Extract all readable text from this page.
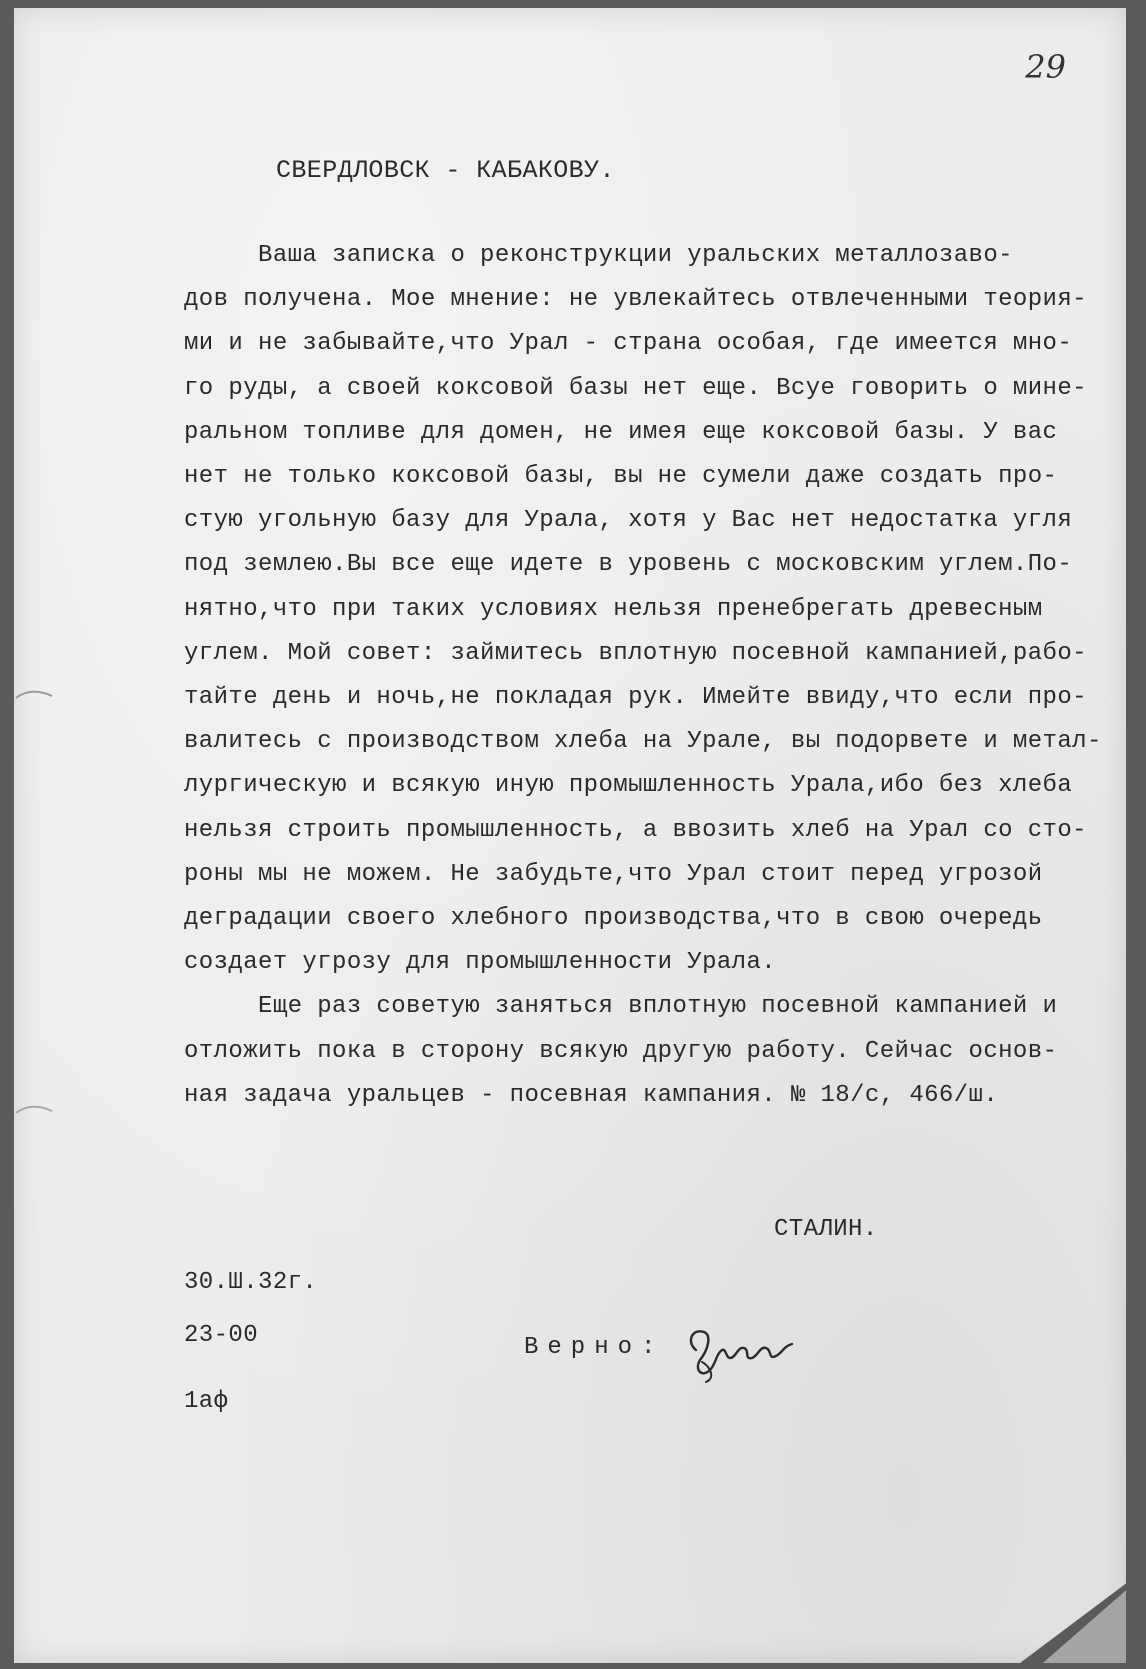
29

СВЕРДЛОВСК - КАБАКОВУ.

Ваша записка о реконструкции уральских металлозаво-

дов получена. Мое мнение: не увлекайтесь отвлеченными теория-

ми и не забывайте,что Урал - страна особая, где имеется мно-

го руды, а своей коксовой базы нет еще. Всуе говорить о мине-

ральном топливе для домен, не имея еще коксовой базы. У вас

нет не только коксовой базы, вы не сумели даже создать про-

стую угольную базу для Урала, хотя у Вас нет недостатка угля

под землею.Вы все еще идете в уровень с московским углем.По-

нятно,что при таких условиях нельзя пренебрегать древесным

углем. Мой совет: займитесь вплотную посевной кампанией,рабо-

тайте день и ночь,не покладая рук. Имейте ввиду,что если про-

валитесь с производством хлеба на Урале, вы подорвете и метал-

лургическую и всякую иную промышленность Урала,ибо без хлеба

нельзя строить промышленность, а ввозить хлеб на Урал со сто-

роны мы не можем. Не забудьте,что Урал стоит перед угрозой

деградации своего хлебного производства,что в свою очередь

создает угрозу для промышленности Урала.

Еще раз советую заняться вплотную посевной кампанией и

отложить пока в сторону всякую другую работу. Сейчас основ-

ная задача уральцев - посевная кампания. № 18/с, 466/ш.

СТАЛИН.

30.Ш.32г.

23-00	Верно:

1аф
